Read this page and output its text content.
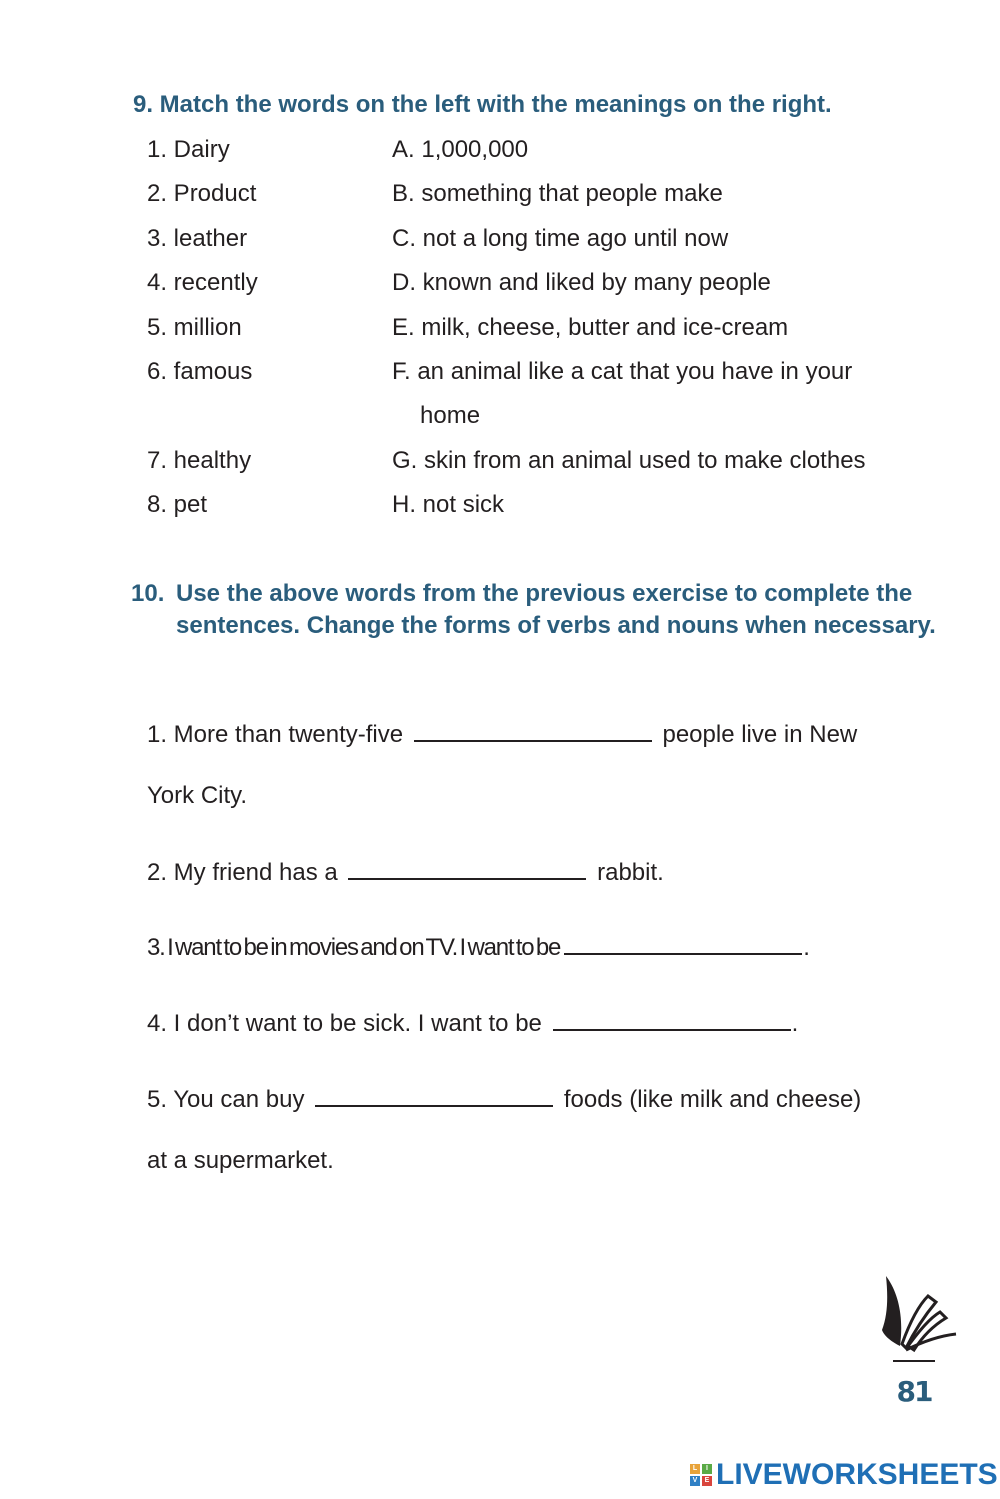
9. Match the words on the left with the meanings on the right.
1. Dairy	A. 1,000,000
2. Product	B. something that people make
3. leather	C. not a long time ago until now
4. recently	D. known and liked by many people
5. million	E. milk, cheese, butter and ice-cream
6. famous	F. an animal like a cat that you have in your
home
7. healthy	G. skin from an animal used to make clothes
8. pet	H. not sick
10. Use the above words from the previous exercise to complete the sentences. Change the forms of verbs and nouns when necessary.
1. More than twenty-five	people live in New
York City.
2. My friend has a	rabbit.
3. I want to be in movies and on TV. I want to be	.
4. I don’t want to be sick. I want to be	.
5. You can buy	foods (like milk and cheese)
at a supermarket.
81
L	I
V	E LIVEWORKSHEETS
